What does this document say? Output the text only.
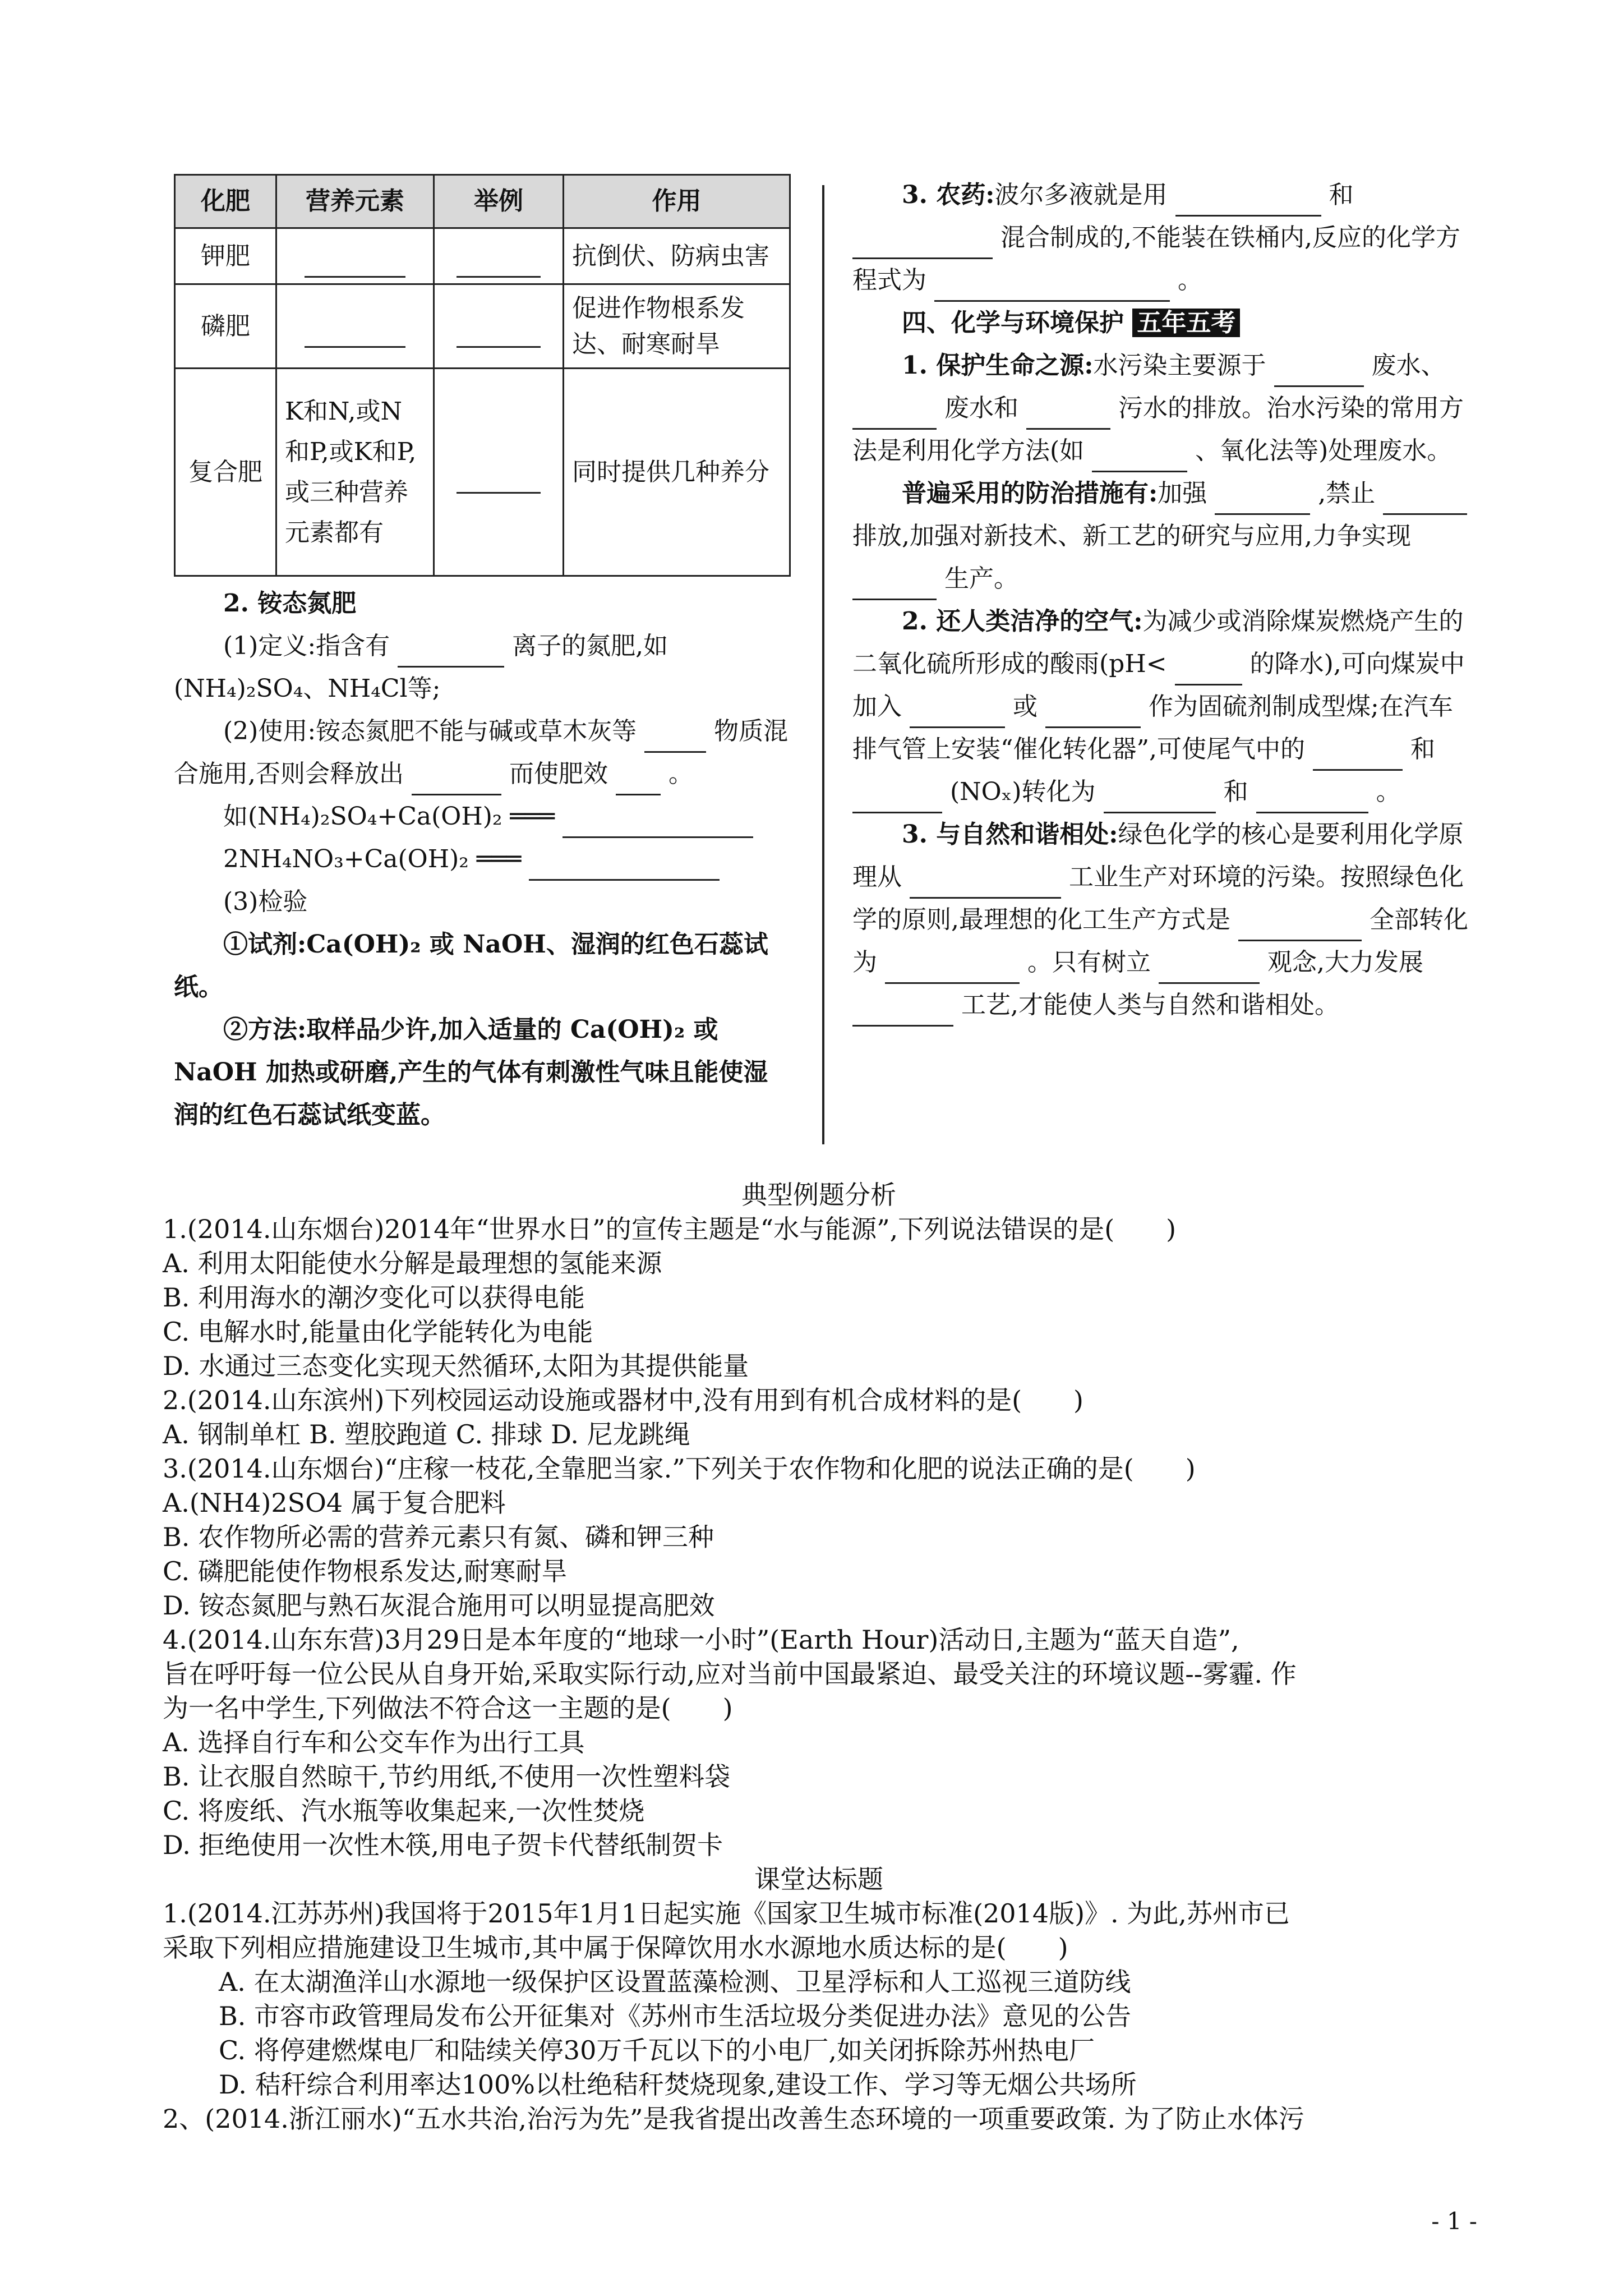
化肥	营养元素	举例	作用
钾肥			抗倒伏、防病虫害
磷肥			促进作物根系发达、耐寒耐旱
复合肥	K和N,或N和P,或K和P,或三种营养元素都有		同时提供几种养分

2. 铵态氮肥

(1)定义:指含有	离子的氮肥,如(NH₄)₂SO₄、NH₄Cl等;

(2)使用:铵态氮肥不能与碱或草木灰等	物质混合施用,否则会释放出	而使肥效 。

如(NH₄)₂SO₄+Ca(OH)₂ ═══

2NH₄NO₃+Ca(OH)₂ ═══

(3)检验

①试剂:Ca(OH)₂ 或 NaOH、湿润的红色石蕊试纸。

②方法:取样品少许,加入适量的 Ca(OH)₂ 或 NaOH 加热或研磨,产生的气体有刺激性气味且能使湿润的红色石蕊试纸变蓝。

3. 农药:波尔多液就是用	和  混合制成的,不能装在铁桶内,反应的化学方程式为	。

四、化学与环境保护 五年五考

1. 保护生命之源:水污染主要源于	废水、  废水和	污水的排放。治水污染的常用方法是利用化学方法(如	、氧化法等)处理废水。

普遍采用的防治措施有:加强	,禁止  排放,加强对新技术、新工艺的研究与应用,力争实现  生产。

2. 还人类洁净的空气:为减少或消除煤炭燃烧产生的二氧化硫所形成的酸雨(pH<	的降水),可向煤炭中加入	或	作为固硫剂制成型煤;在汽车排气管上安装“催化转化器”,可使尾气中的	和  (NOₓ)转化为	和	。

3. 与自然和谐相处:绿色化学的核心是要利用化学原理从	工业生产对环境的污染。按照绿色化学的原则,最理想的化工生产方式是	全部转化为	。只有树立	观念,大力发展  工艺,才能使人类与自然和谐相处。

典型例题分析
1.(2014.山东烟台)2014年“世界水日”的宣传主题是“水与能源”,下列说法错误的是(　　)
A. 利用太阳能使水分解是最理想的氢能来源
B. 利用海水的潮汐变化可以获得电能
C. 电解水时,能量由化学能转化为电能
D. 水通过三态变化实现天然循环,太阳为其提供能量
2.(2014.山东滨州)下列校园运动设施或器材中,没有用到有机合成材料的是(　　)
A. 钢制单杠 B. 塑胶跑道 C. 排球 D. 尼龙跳绳
3.(2014.山东烟台)“庄稼一枝花,全靠肥当家.”下列关于农作物和化肥的说法正确的是(　　)
A.(NH4)2SO4 属于复合肥料
B. 农作物所必需的营养元素只有氮、磷和钾三种
C. 磷肥能使作物根系发达,耐寒耐旱
D. 铵态氮肥与熟石灰混合施用可以明显提高肥效
4.(2014.山东东营)3月29日是本年度的“地球一小时”(Earth Hour)活动日,主题为“蓝天自造”,
旨在呼吁每一位公民从自身开始,采取实际行动,应对当前中国最紧迫、最受关注的环境议题--雾霾. 作
为一名中学生,下列做法不符合这一主题的是(　　)
A. 选择自行车和公交车作为出行工具
B. 让衣服自然晾干,节约用纸,不使用一次性塑料袋
C. 将废纸、汽水瓶等收集起来,一次性焚烧
D. 拒绝使用一次性木筷,用电子贺卡代替纸制贺卡
课堂达标题
1.(2014.江苏苏州)我国将于2015年1月1日起实施《国家卫生城市标准(2014版)》. 为此,苏州市已
采取下列相应措施建设卫生城市,其中属于保障饮用水水源地水质达标的是(　　)
A. 在太湖渔洋山水源地一级保护区设置蓝藻检测、卫星浮标和人工巡视三道防线
B. 市容市政管理局发布公开征集对《苏州市生活垃圾分类促进办法》意见的公告
C. 将停建燃煤电厂和陆续关停30万千瓦以下的小电厂,如关闭拆除苏州热电厂
D. 秸秆综合利用率达100%以杜绝秸秆焚烧现象,建设工作、学习等无烟公共场所
2、(2014.浙江丽水)“五水共治,治污为先”是我省提出改善生态环境的一项重要政策. 为了防止水体污
- 1 -
